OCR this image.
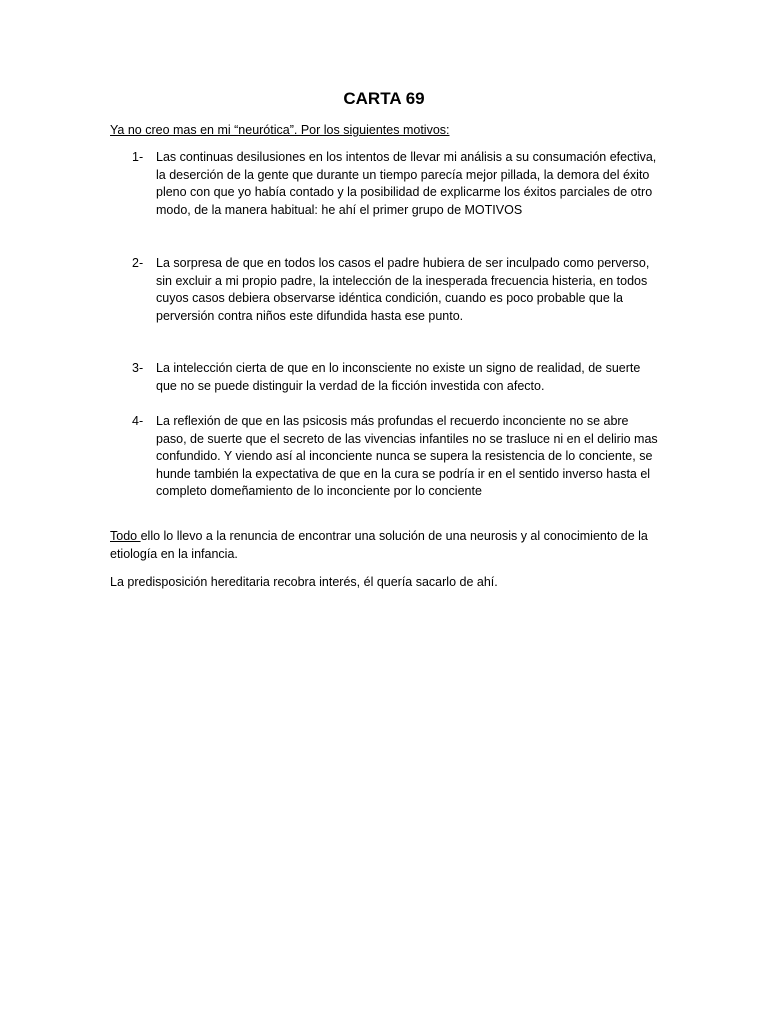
CARTA 69
Ya no creo mas en mi “neurótica”. Por los siguientes motivos:
1-	Las continuas desilusiones en los intentos de llevar mi análisis a su consumación efectiva, la deserción de la gente que durante un tiempo parecía mejor pillada, la demora del éxito pleno con que yo había contado y la posibilidad de explicarme los éxitos parciales de otro modo, de la manera habitual: he ahí el primer grupo de MOTIVOS
2-	La sorpresa de que en todos los casos el padre hubiera de ser inculpado como perverso, sin excluir a mi propio padre, la intelección de la inesperada frecuencia histeria, en todos cuyos casos debiera observarse idéntica condición, cuando es poco probable que la perversión contra niños este difundida hasta ese punto.
3-	La intelección cierta de que en lo inconsciente no existe un signo de realidad, de suerte que no se puede distinguir la verdad de la ficción investida con afecto.
4-	La reflexión de que en las psicosis más profundas el recuerdo inconciente no se abre paso, de suerte que el secreto de las vivencias infantiles no se trasluce ni en el delirio mas confundido. Y viendo así al inconciente nunca se supera la resistencia de lo conciente, se hunde también la expectativa de que en la cura se podría ir en el sentido inverso hasta el completo domeñamiento de lo inconciente por lo conciente
Todo ello lo llevo a la renuncia de encontrar una solución de una neurosis y al conocimiento de la etiología en la infancia.
La predisposición hereditaria recobra interés, él quería sacarlo de ahí.
